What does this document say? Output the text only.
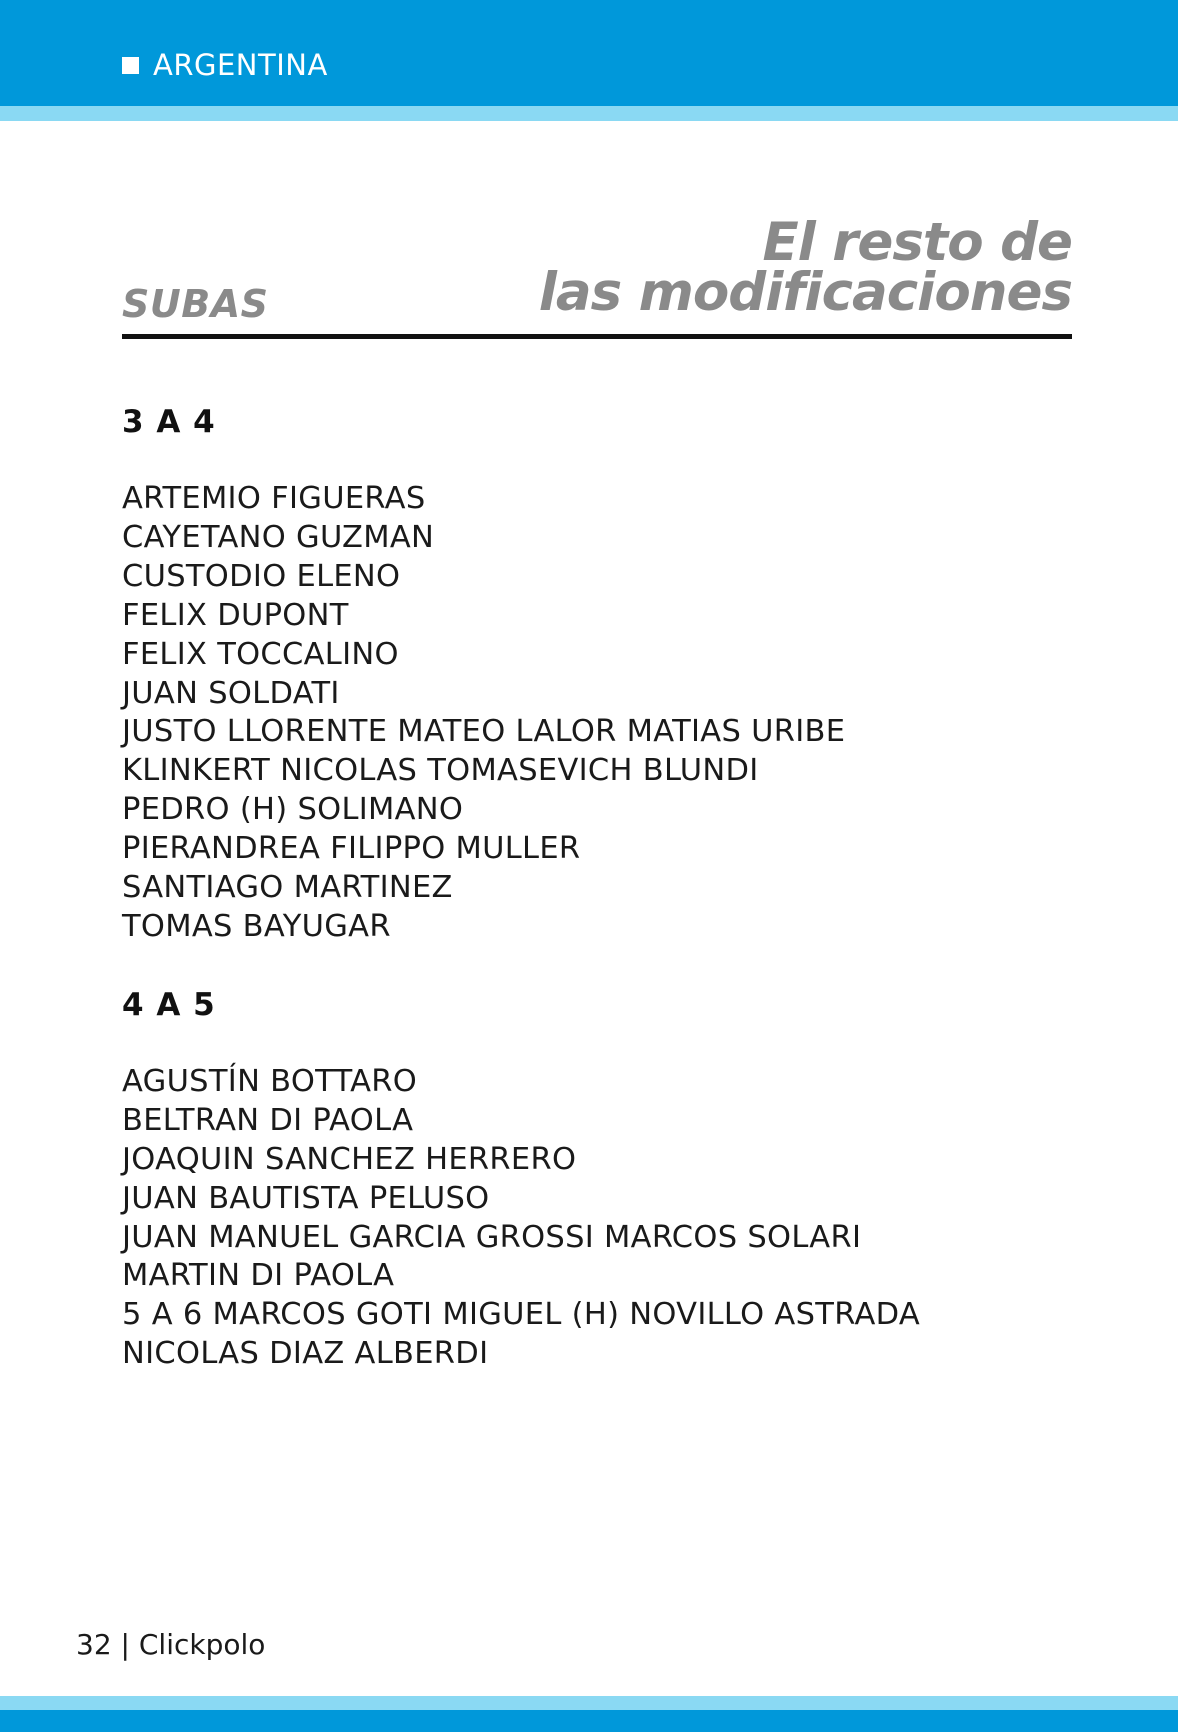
ARGENTINA
El resto de
las modificaciones
SUBAS
3 A 4
ARTEMIO FIGUERAS
CAYETANO GUZMAN
CUSTODIO ELENO
FELIX DUPONT
FELIX TOCCALINO
JUAN SOLDATI
JUSTO LLORENTE MATEO LALOR MATIAS URIBE
KLINKERT NICOLAS TOMASEVICH BLUNDI
PEDRO (H) SOLIMANO
PIERANDREA FILIPPO MULLER
SANTIAGO MARTINEZ
TOMAS BAYUGAR
4 A 5
AGUSTÍN BOTTARO
BELTRAN DI PAOLA
JOAQUIN SANCHEZ HERRERO
JUAN BAUTISTA PELUSO
JUAN MANUEL GARCIA GROSSI MARCOS SOLARI
MARTIN DI PAOLA
5 A 6 MARCOS GOTI MIGUEL (H) NOVILLO ASTRADA
NICOLAS DIAZ ALBERDI
32 | Clickpolo
